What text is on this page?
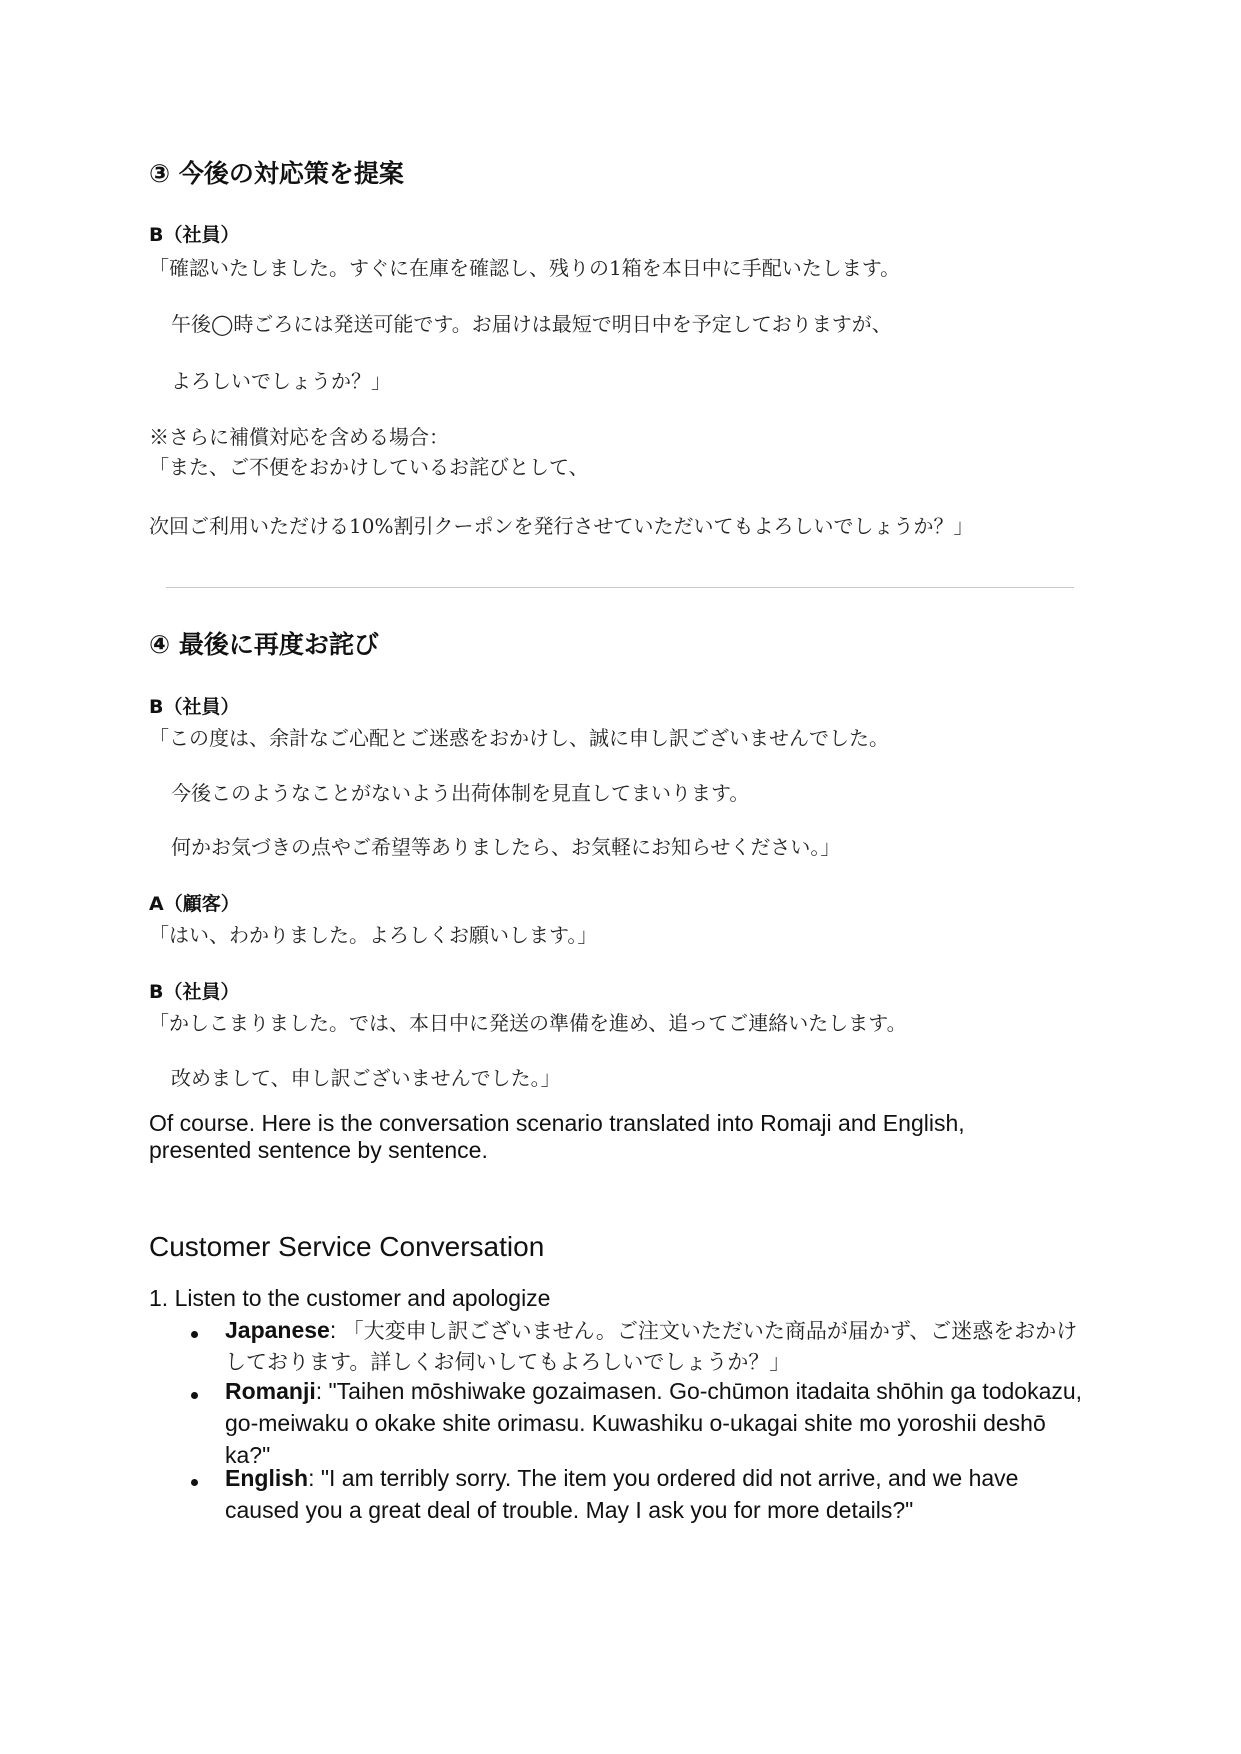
③ 今後の対応策を提案
B（社員）
「確認いたしました。すぐに在庫を確認し、残りの1箱を本日中に手配いたします。
午後◯時ごろには発送可能です。お届けは最短で明日中を予定しておりますが、
よろしいでしょうか？」
※さらに補償対応を含める場合：
「また、ご不便をおかけしているお詫びとして、
次回ご利用いただける10%割引クーポンを発行させていただいてもよろしいでしょうか？」
④ 最後に再度お詫び
B（社員）
「この度は、余計なご心配とご迷惑をおかけし、誠に申し訳ございませんでした。
今後このようなことがないよう出荷体制を見直してまいります。
何かお気づきの点やご希望等ありましたら、お気軽にお知らせください。」
A（顧客）
「はい、わかりました。よろしくお願いします。」
B（社員）
「かしこまりました。では、本日中に発送の準備を進め、追ってご連絡いたします。
改めまして、申し訳ございませんでした。」
Of course. Here is the conversation scenario translated into Romaji and English,
presented sentence by sentence.
Customer Service Conversation
1. Listen to the customer and apologize
Japanese: 「大変申し訳ございません。ご注文いただいた商品が届かず、ご迷惑をおかけしております。詳しくお伺いしてもよろしいでしょうか？」
Romanji: "Taihen mōshiwake gozaimasen. Go-chūmon itadaita shōhin ga todokazu, go-meiwaku o okake shite orimasu. Kuwashiku o-ukagai shite mo yoroshii deshō ka?"
English: "I am terribly sorry. The item you ordered did not arrive, and we have caused you a great deal of trouble. May I ask you for more details?"
